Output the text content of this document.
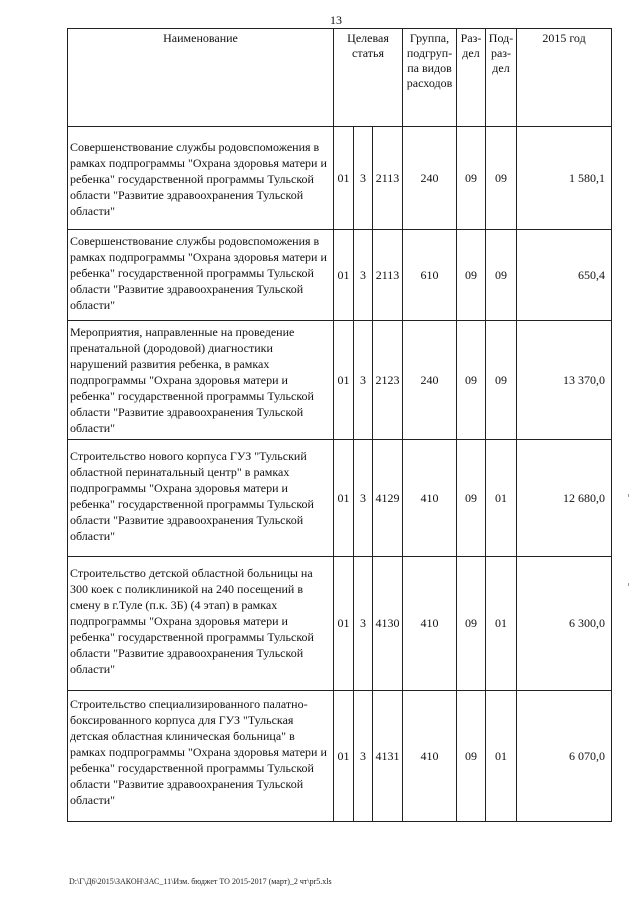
13
Наименование	Целевая статья			Группа, подгруп-па видов расходов	Раз-дел	Под-раз-дел	2015 год
Совершенствование службы родовспоможения в рамках подпрограммы "Охрана здоровья матери и ребенка" государственной программы Тульской области "Развитие здравоохранения Тульской области"	01	3	2113	240	09	09	1 580,1
Совершенствование службы родовспоможения в рамках подпрограммы "Охрана здоровья матери и ребенка" государственной программы Тульской области "Развитие здравоохранения Тульской области"	01	3	2113	610	09	09	650,4
Мероприятия, направленные на проведение пренатальной (дородовой) диагностики нарушений развития ребенка, в рамках подпрограммы "Охрана здоровья матери и ребенка" государственной программы Тульской области "Развитие здравоохранения Тульской области"	01	3	2123	240	09	09	13 370,0
Строительство нового корпуса ГУЗ "Тульский областной перинатальный центр" в рамках подпрограммы "Охрана здоровья матери и ребенка" государственной программы Тульской области "Развитие здравоохранения Тульской области"	01	3	4129	410	09	01	12 680,0
Строительство детской областной больницы на 300 коек с поликлиникой на 240 посещений в смену в г.Туле (п.к. 3Б) (4 этап) в рамках подпрограммы "Охрана здоровья матери и ребенка" государственной программы Тульской области "Развитие здравоохранения Тульской области"	01	3	4130	410	09	01	6 300,0
Строительство специализированного палатно-боксированного корпуса для ГУЗ "Тульская детская областная клиническая больница" в рамках подпрограммы "Охрана здоровья матери и ребенка" государственной программы Тульской области "Развитие здравоохранения Тульской области"	01	3	4131	410	09	01	6 070,0
D:\Г\Д6\2015\ЗАКОН\ЗАС_11\Изм. бюджет ТО 2015-2017 (март)_2 чт\pr5.xls
